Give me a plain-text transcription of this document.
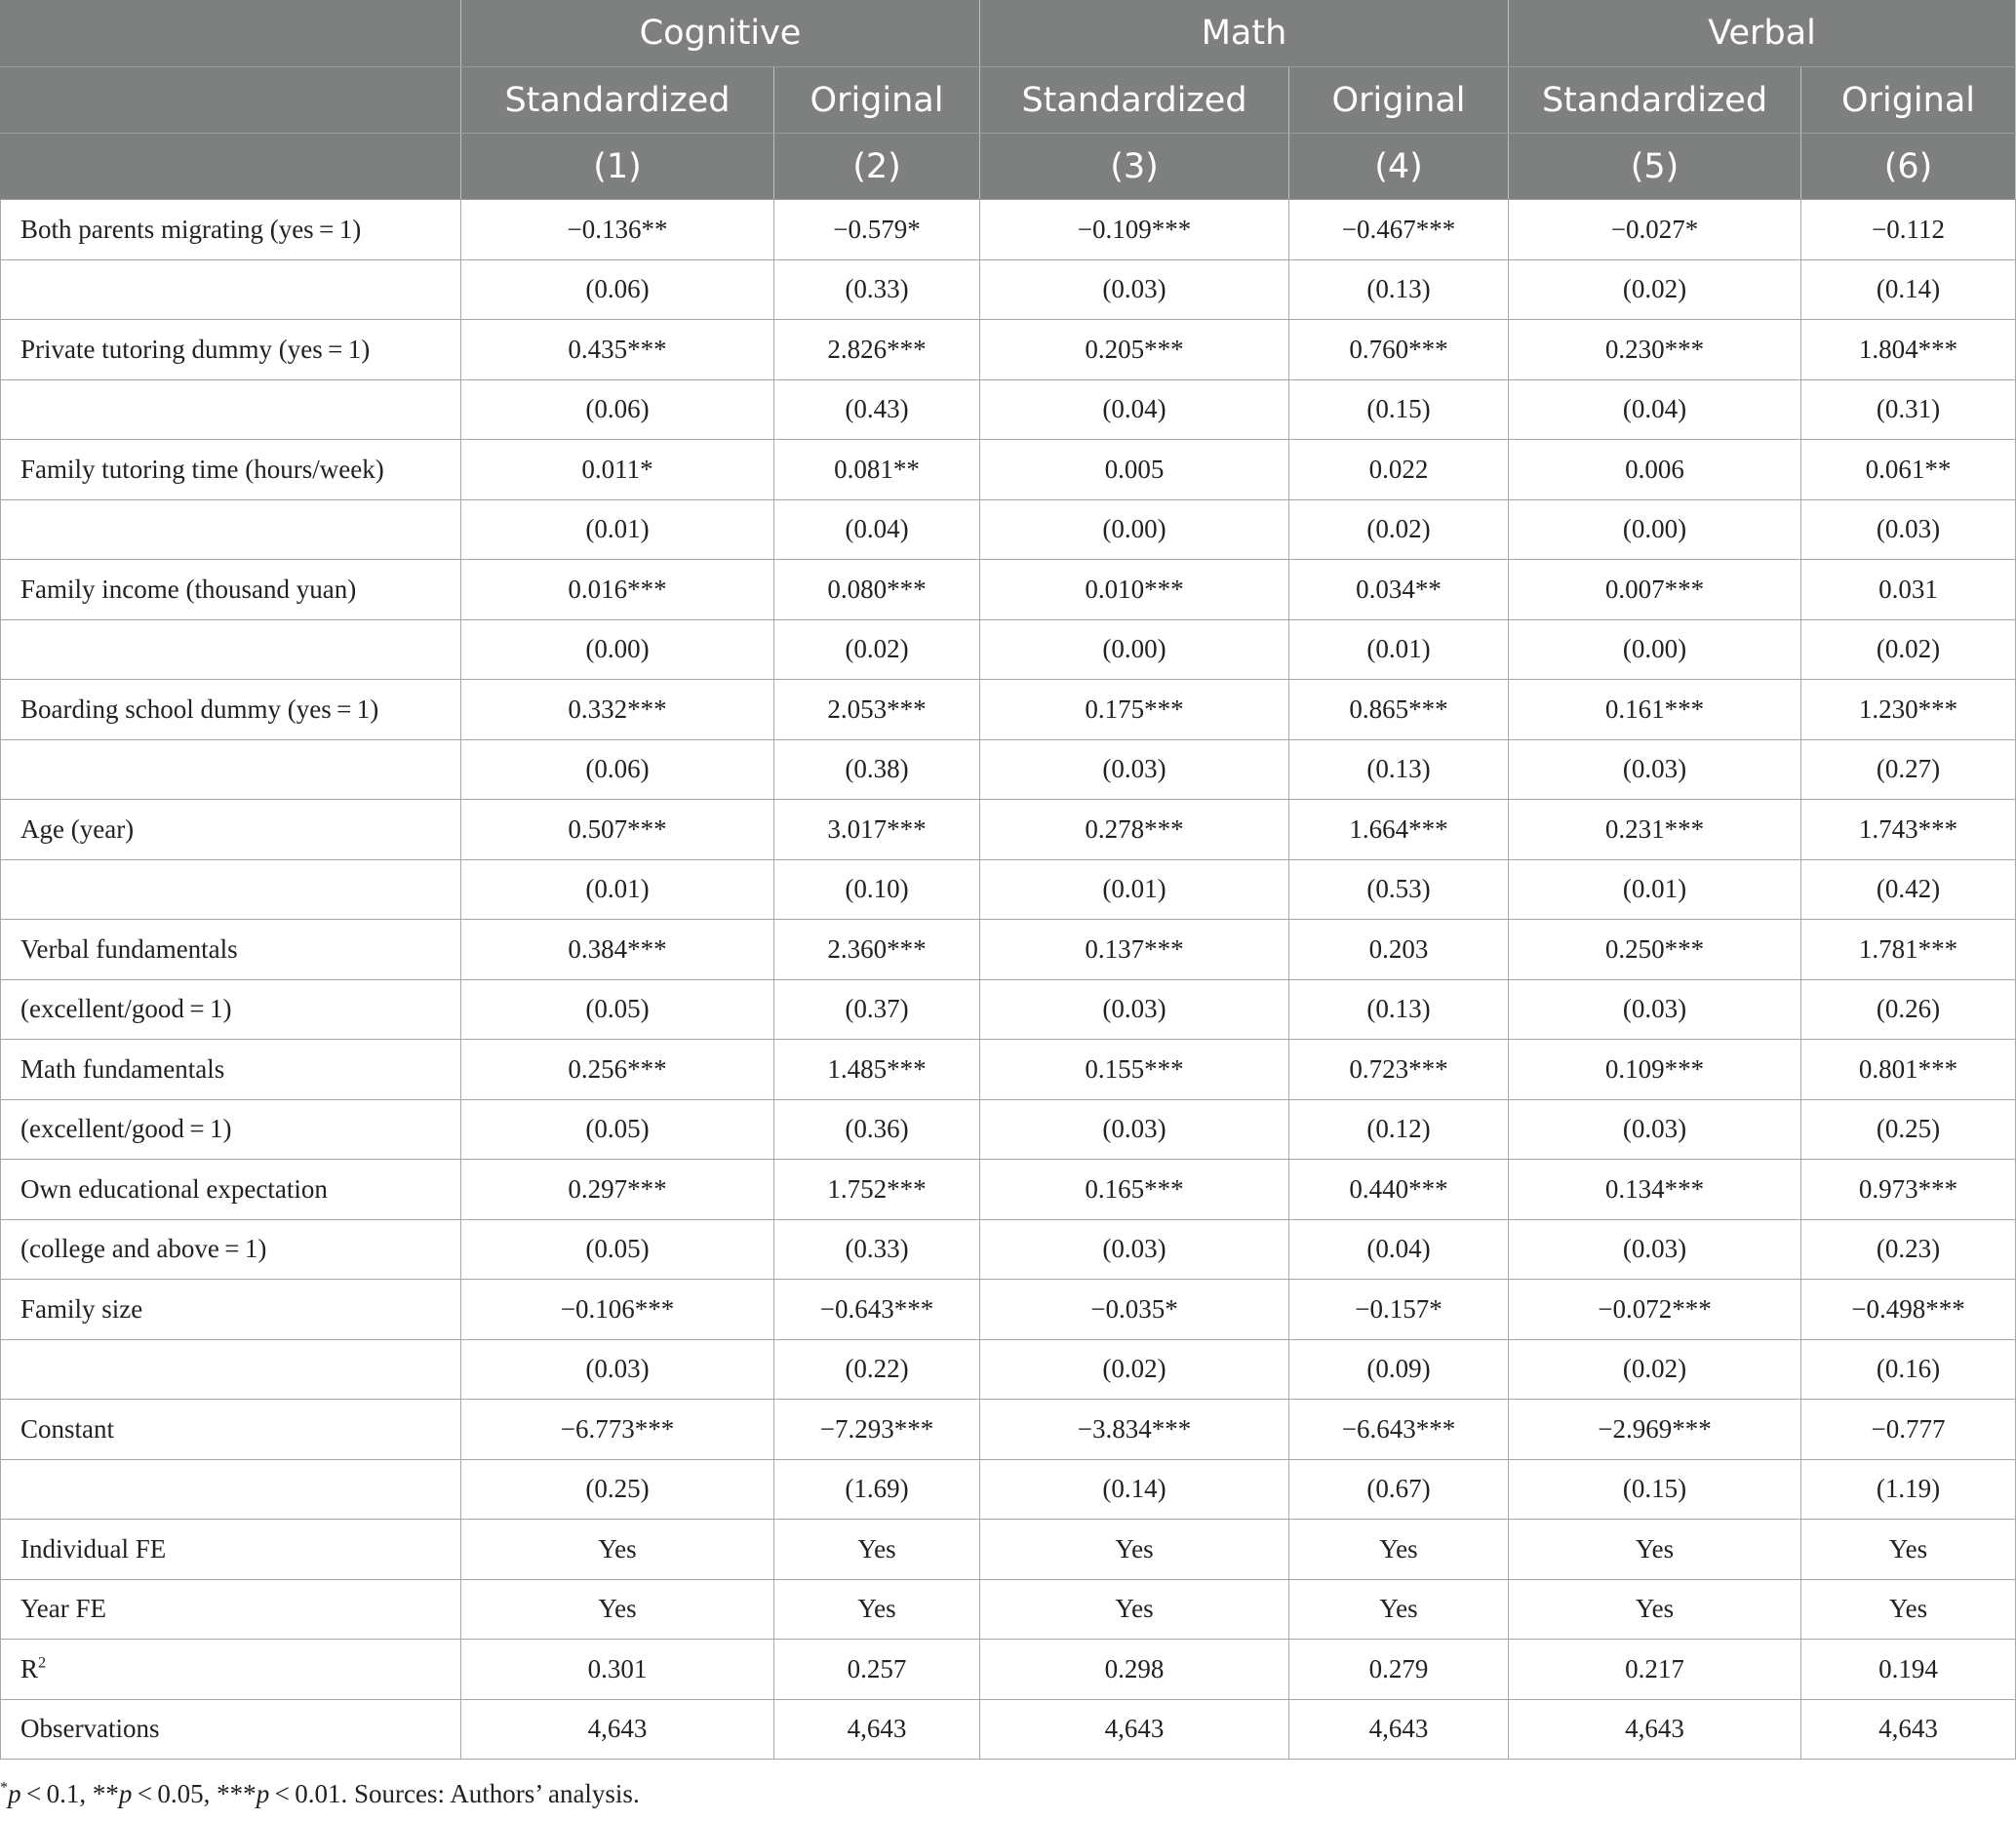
	Cognitive		Math		Verbal	
	Standardized	Original	Standardized	Original	Standardized	Original
	(1)	(2)	(3)	(4)	(5)	(6)
Both parents migrating (yes = 1)	−0.136**	−0.579*	−0.109***	−0.467***	−0.027*	−0.112
	(0.06)	(0.33)	(0.03)	(0.13)	(0.02)	(0.14)
Private tutoring dummy (yes = 1)	0.435***	2.826***	0.205***	0.760***	0.230***	1.804***
	(0.06)	(0.43)	(0.04)	(0.15)	(0.04)	(0.31)
Family tutoring time (hours/week)	0.011*	0.081**	0.005	0.022	0.006	0.061**
	(0.01)	(0.04)	(0.00)	(0.02)	(0.00)	(0.03)
Family income (thousand yuan)	0.016***	0.080***	0.010***	0.034**	0.007***	0.031
	(0.00)	(0.02)	(0.00)	(0.01)	(0.00)	(0.02)
Boarding school dummy (yes = 1)	0.332***	2.053***	0.175***	0.865***	0.161***	1.230***
	(0.06)	(0.38)	(0.03)	(0.13)	(0.03)	(0.27)
Age (year)	0.507***	3.017***	0.278***	1.664***	0.231***	1.743***
	(0.01)	(0.10)	(0.01)	(0.53)	(0.01)	(0.42)
Verbal fundamentals	0.384***	2.360***	0.137***	0.203	0.250***	1.781***
(excellent/good = 1)	(0.05)	(0.37)	(0.03)	(0.13)	(0.03)	(0.26)
Math fundamentals	0.256***	1.485***	0.155***	0.723***	0.109***	0.801***
(excellent/good = 1)	(0.05)	(0.36)	(0.03)	(0.12)	(0.03)	(0.25)
Own educational expectation	0.297***	1.752***	0.165***	0.440***	0.134***	0.973***
(college and above = 1)	(0.05)	(0.33)	(0.03)	(0.04)	(0.03)	(0.23)
Family size	−0.106***	−0.643***	−0.035*	−0.157*	−0.072***	−0.498***
	(0.03)	(0.22)	(0.02)	(0.09)	(0.02)	(0.16)
Constant	−6.773***	−7.293***	−3.834***	−6.643***	−2.969***	−0.777
	(0.25)	(1.69)	(0.14)	(0.67)	(0.15)	(1.19)
Individual FE	Yes	Yes	Yes	Yes	Yes	Yes
Year FE	Yes	Yes	Yes	Yes	Yes	Yes
$R^2$	0.301	0.257	0.298	0.279	0.217	0.194
Observations	4,643	4,643	4,643	4,643	4,643	4,643
*p < 0.1, **p < 0.05, ***p < 0.01. Sources: Authors’ analysis.
